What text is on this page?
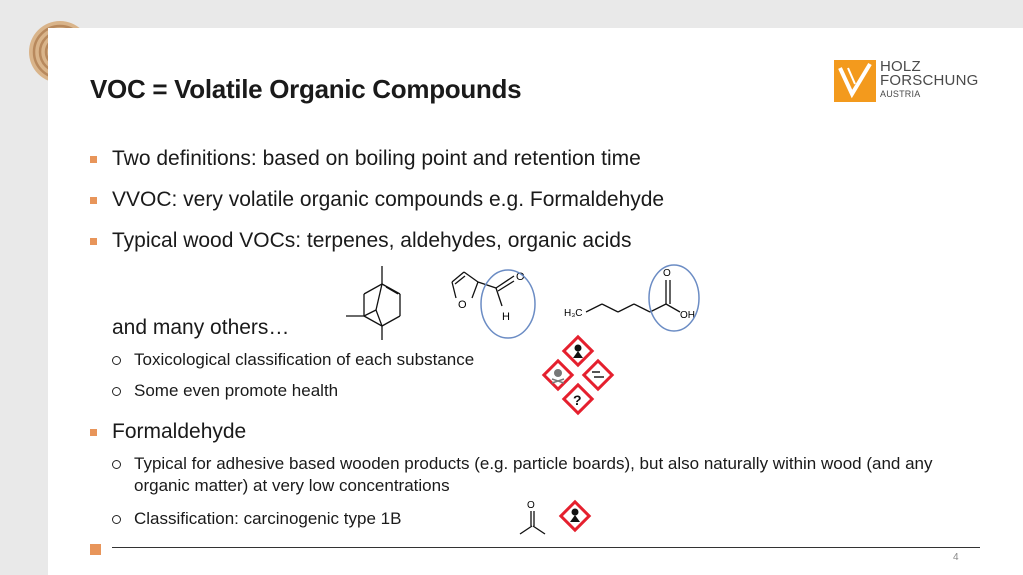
VOC = Volatile Organic Compounds
HOLZ
FORSCHUNG
AUSTRIA
Two definitions: based on boiling point and retention time
VVOC: very volatile organic compounds e.g. Formaldehyde
Typical wood VOCs: terpenes, aldehydes, organic acids
O
O
H	H₃C
O
OH
and many others…
Toxicological classification of each substance
Some even promote health	?
Formaldehyde
Typical for adhesive based wooden products (e.g. particle boards), but also naturally within wood (and any organic matter) at very low concentrations
Classification: carcinogenic type 1B
O
4
